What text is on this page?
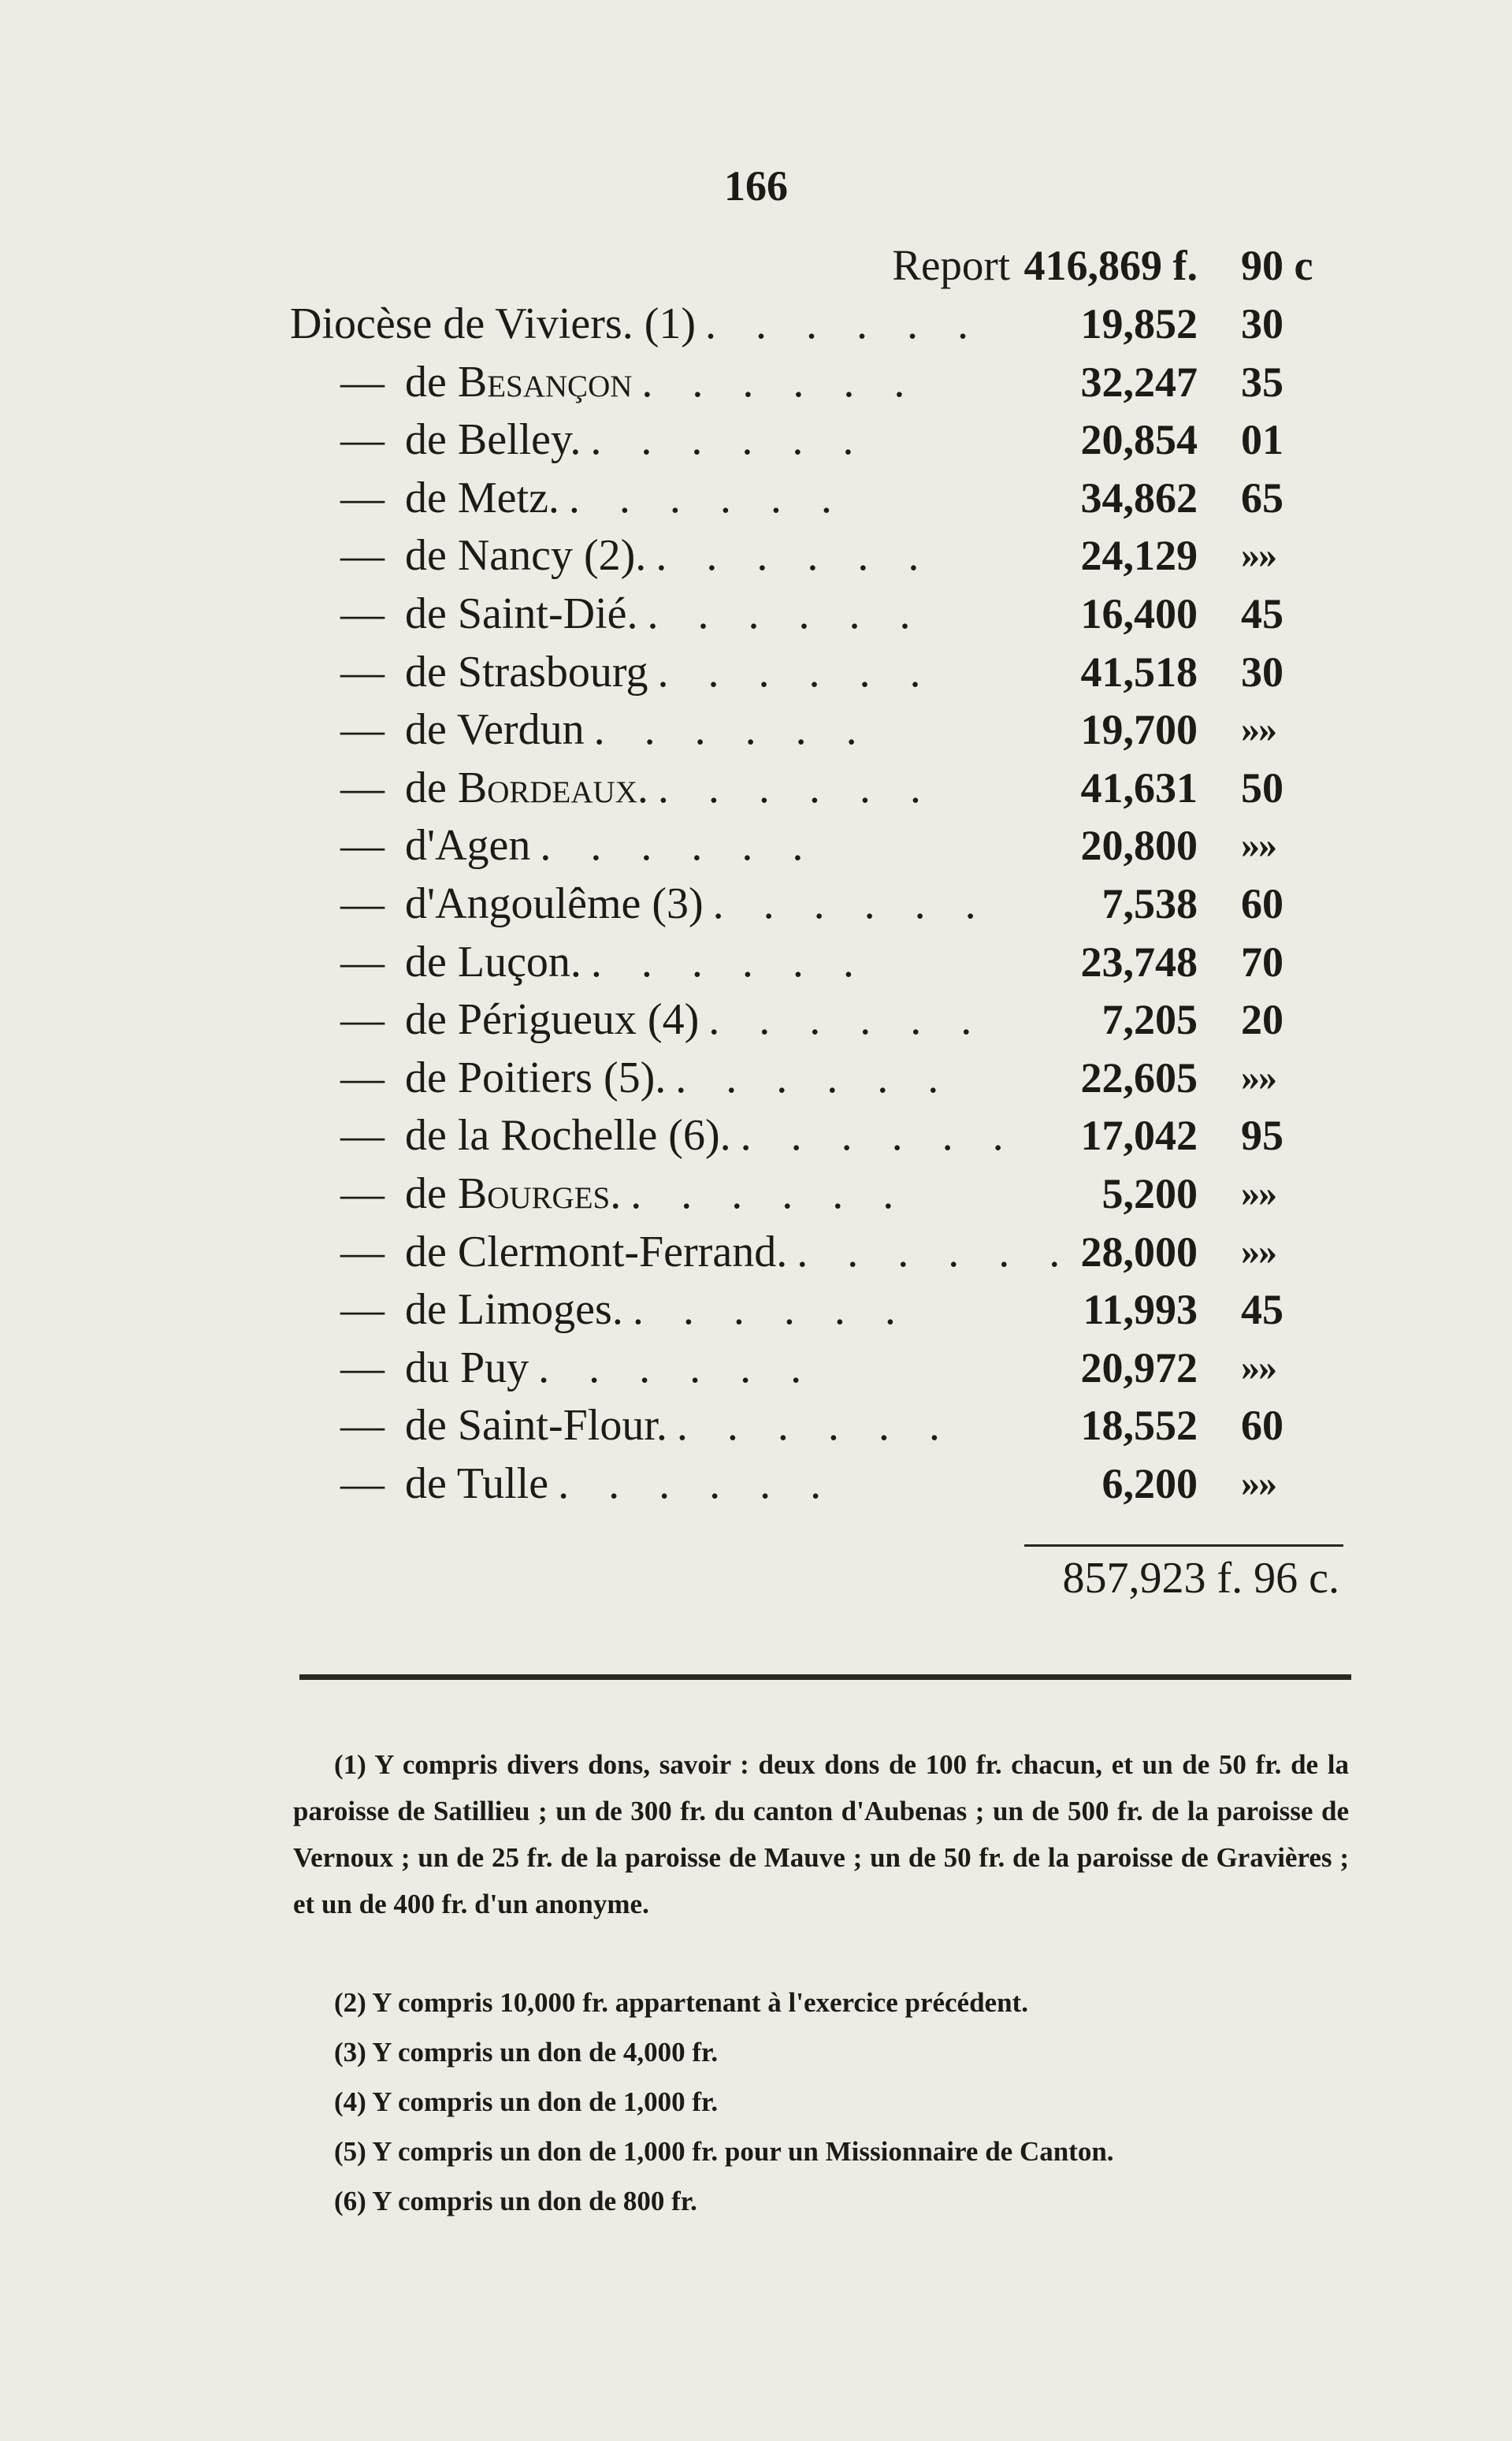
166
Report 416,869 f. 90 c
Diocèse de Viviers. (1) . . . . . .	19,852 30
— de Besançon . . . . . .	32,247 35
— de Belley. . . . . . .	20,854 01
— de Metz. . . . . . .	34,862 65
— de Nancy (2). . . . . . .	24,129 »»
— de Saint-Dié. . . . . . .	16,400 45
— de Strasbourg . . . . . .	41,518 30
— de Verdun . . . . . .	19,700 »»
— de Bordeaux. . . . . . .	41,631 50
— d'Agen . . . . . .	20,800 »»
— d'Angoulême (3) . . . . . .	7,538 60
— de Luçon. . . . . . .	23,748 70
— de Périgueux (4) . . . . . .	7,205 20
— de Poitiers (5). . . . . . .	22,605 »»
— de la Rochelle (6). . . . . . .	17,042 95
— de Bourges. . . . . . .	5,200 »»
— de Clermont-Ferrand. . . . . . . 28,000 »»
— de Limoges. . . . . . .	11,993 45
— du Puy . . . . . .	20,972 »»
— de Saint-Flour. . . . . . .	18,552 60
— de Tulle . . . . . .	6,200 »»
857,923 f. 96 c.
(1) Y compris divers dons, savoir : deux dons de 100 fr. chacun, et un de 50 fr. de la paroisse de Satillieu ; un de 300 fr. du canton d'Aubenas ; un de 500 fr. de la paroisse de Vernoux ; un de 25 fr. de la paroisse de Mauve ; un de 50 fr. de la paroisse de Gravières ; et un de 400 fr. d'un anonyme.
(2) Y compris 10,000 fr. appartenant à l'exercice précédent.
(3) Y compris un don de 4,000 fr.
(4) Y compris un don de 1,000 fr.
(5) Y compris un don de 1,000 fr. pour un Missionnaire de Canton.
(6) Y compris un don de 800 fr.
